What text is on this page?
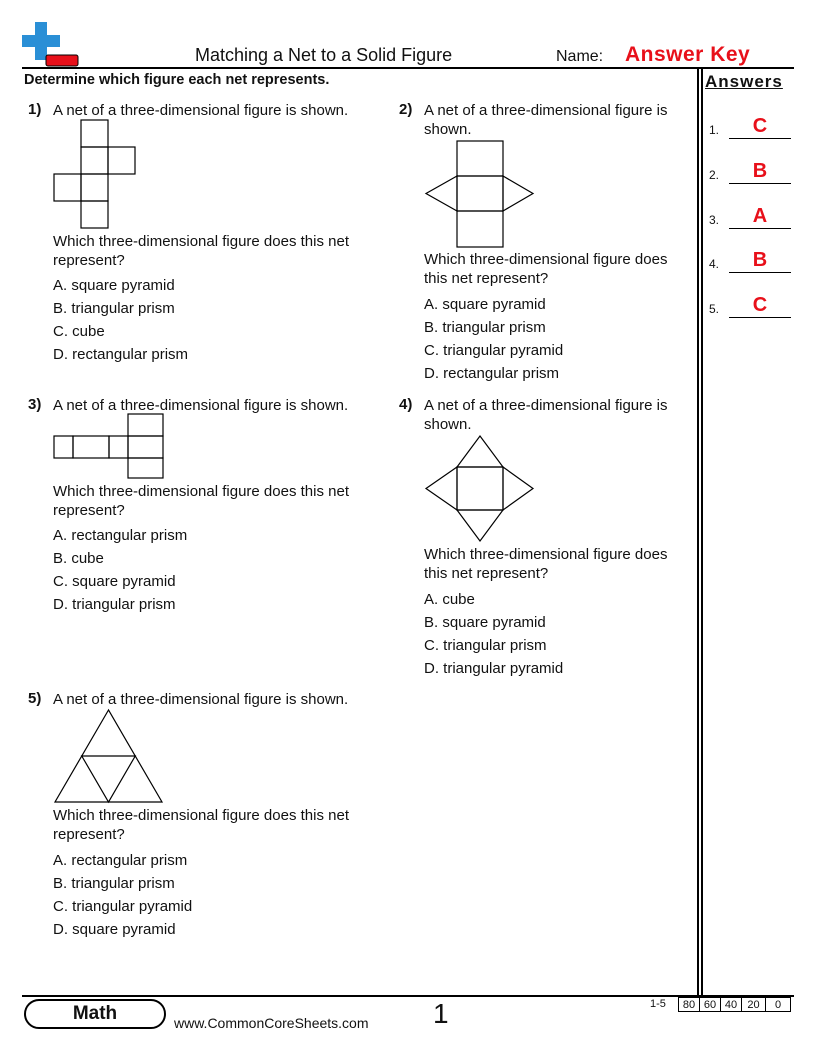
Matching a Net to a Solid Figure	Name: Answer Key
Determine which figure each net represents.	Answers
1.	C
2.	B
3.	A
4.	B
5.	C
1) A net of a three-dimensional figure is shown.
Which three-dimensional figure does this net
represent?
A. square pyramid
B. triangular prism
C. cube
D. rectangular prism
2) A net of a three-dimensional figure is
shown.
Which three-dimensional figure does
this net represent?
A. square pyramid
B. triangular prism
C. triangular pyramid
D. rectangular prism
3) A net of a three-dimensional figure is shown.
Which three-dimensional figure does this net
represent?
A. rectangular prism
B. cube
C. square pyramid
D. triangular prism
4) A net of a three-dimensional figure is
shown.
Which three-dimensional figure does
this net represent?
A. cube
B. square pyramid
C. triangular prism
D. triangular pyramid
5) A net of a three-dimensional figure is shown.
Which three-dimensional figure does this net
represent?
A. rectangular prism
B. triangular prism
C. triangular pyramid
D. square pyramid
Math	www.CommonCoreSheets.com 1	1-5	80 60 40 20	0
